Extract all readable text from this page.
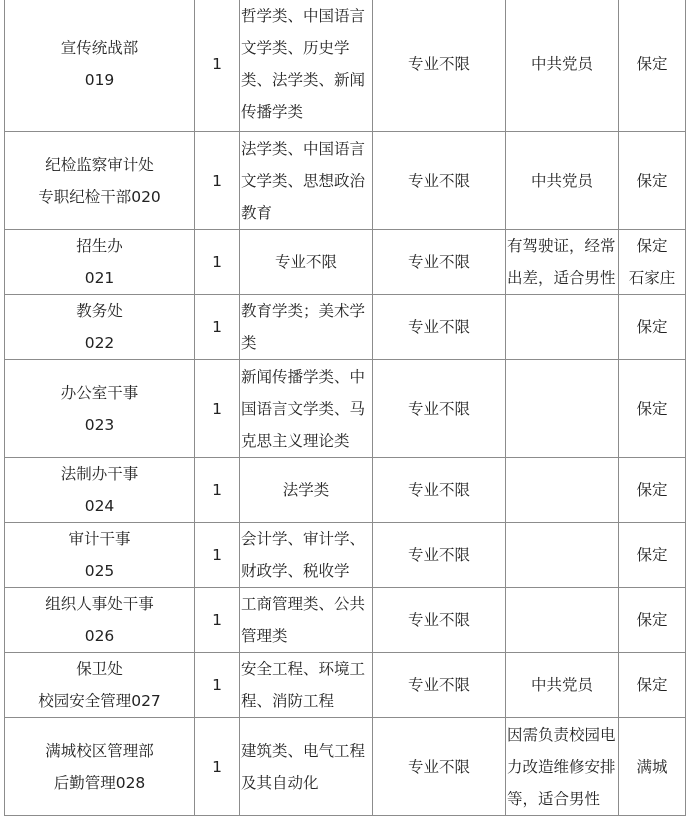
宣传统战部
019	1	哲学类、中国语言
文学类、历史学
类、法学类、新闻
传播学类	专业不限	中共党员	保定

纪检监察审计处
专职纪检干部020	1	法学类、中国语言
文学类、思想政治
教育	专业不限	中共党员	保定

招生办
021	1	专业不限	专业不限	有驾驶证，经常
出差，适合男性	保定
石家庄

教务处
022	1	教育学类；美术学
类	专业不限		保定

办公室干事
023	1	新闻传播学类、中
国语言文学类、马
克思主义理论类	专业不限		保定

法制办干事
024	1	法学类	专业不限		保定

审计干事
025	1	会计学、审计学、
财政学、税收学	专业不限		保定

组织人事处干事
026	1	工商管理类、公共
管理类	专业不限		保定

保卫处
校园安全管理027	1	安全工程、环境工
程、消防工程	专业不限	中共党员	保定

满城校区管理部
后勤管理028	1	建筑类、电气工程
及其自动化	专业不限	因需负责校园电
力改造维修安排
等，适合男性	满城
